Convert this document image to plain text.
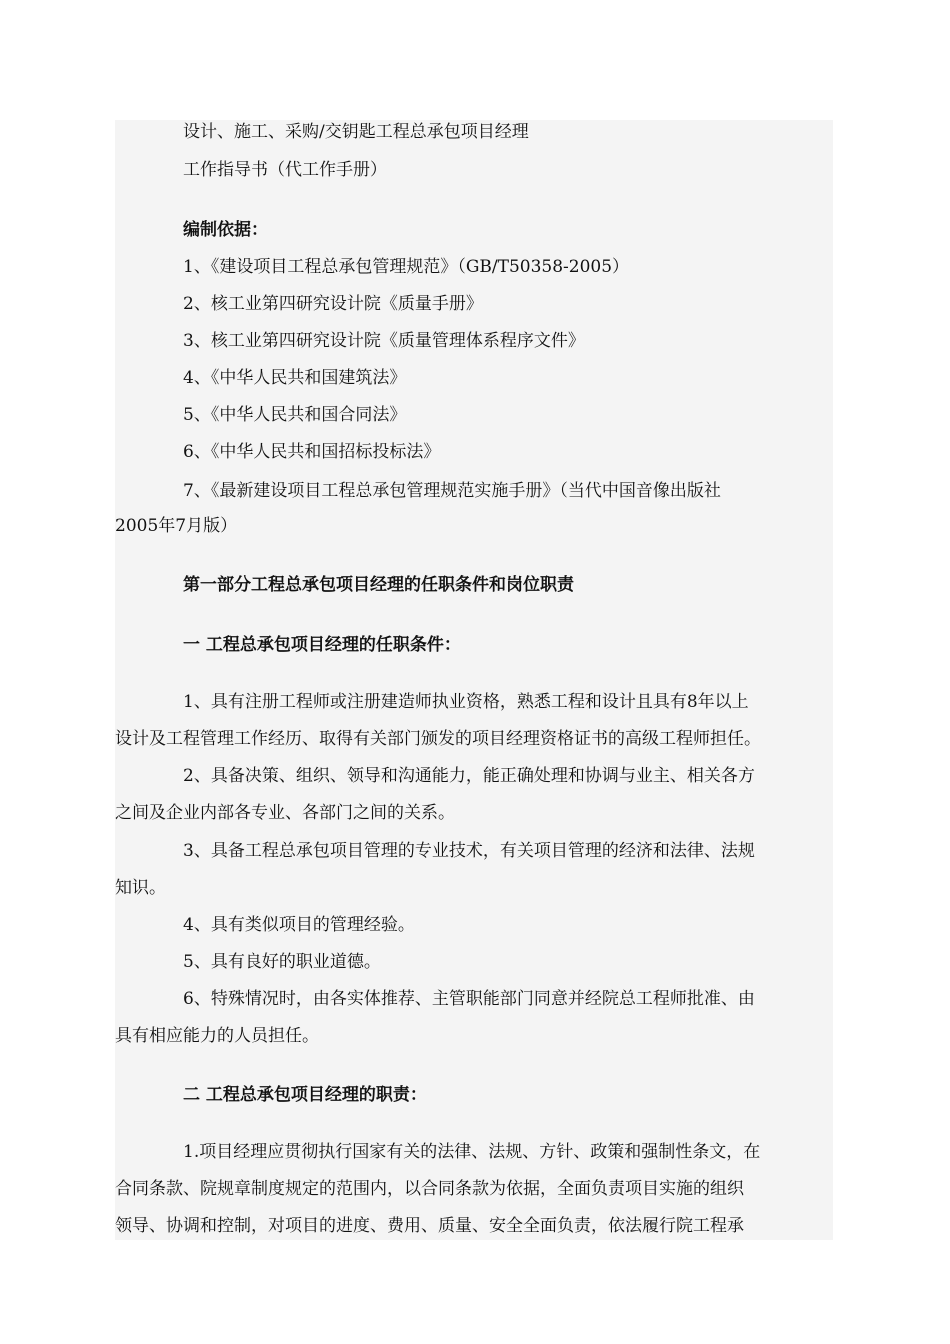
设计、施工、采购/交钥匙工程总承包项目经理
工作指导书（代工作手册）
编制依据：
1、《建设项目工程总承包管理规范》（GB/T50358-2005）
2、核工业第四研究设计院《质量手册》
3、核工业第四研究设计院《质量管理体系程序文件》
4、《中华人民共和国建筑法》
5、《中华人民共和国合同法》
6、《中华人民共和国招标投标法》
7、《最新建设项目工程总承包管理规范实施手册》（当代中国音像出版社
2005年7月版）
第一部分工程总承包项目经理的任职条件和岗位职责
一 工程总承包项目经理的任职条件：
1、具有注册工程师或注册建造师执业资格，熟悉工程和设计且具有8年以上
设计及工程管理工作经历、取得有关部门颁发的项目经理资格证书的高级工程师担任。
2、具备决策、组织、领导和沟通能力，能正确处理和协调与业主、相关各方
之间及企业内部各专业、各部门之间的关系。
3、具备工程总承包项目管理的专业技术，有关项目管理的经济和法律、法规
知识。
4、具有类似项目的管理经验。
5、具有良好的职业道德。
6、特殊情况时，由各实体推荐、主管职能部门同意并经院总工程师批准、由
具有相应能力的人员担任。
二 工程总承包项目经理的职责：
1.项目经理应贯彻执行国家有关的法律、法规、方针、政策和强制性条文，在
合同条款、院规章制度规定的范围内，以合同条款为依据，全面负责项目实施的组织
领导、协调和控制，对项目的进度、费用、质量、安全全面负责，依法履行院工程承
